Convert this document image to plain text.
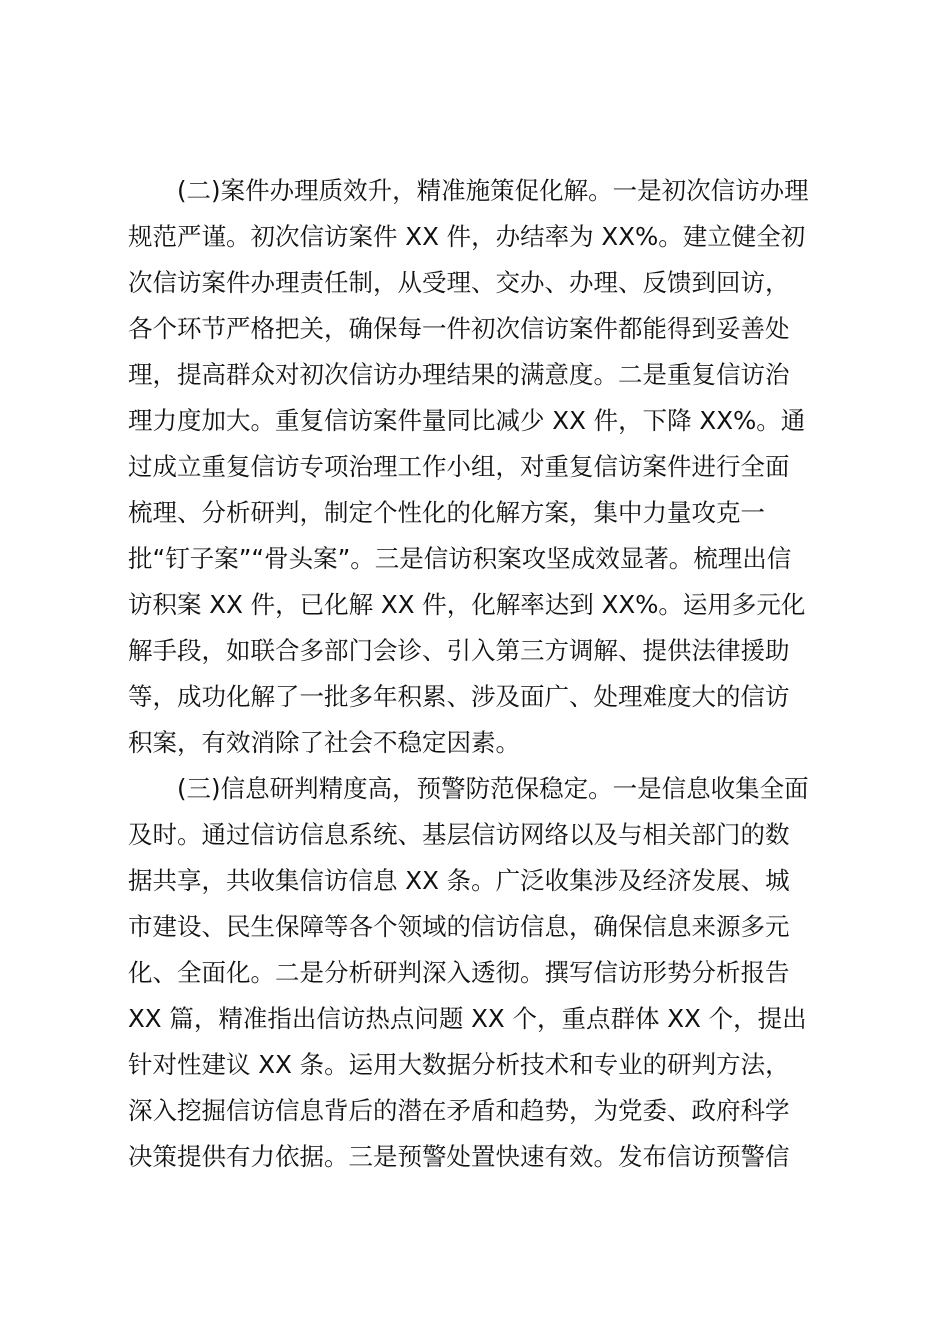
(二)案件办理质效升，精准施策促化解。一是初次信访办理
规范严谨。初次信访案件 XX 件，办结率为 XX%。建立健全初
次信访案件办理责任制，从受理、交办、办理、反馈到回访，
各个环节严格把关，确保每一件初次信访案件都能得到妥善处
理，提高群众对初次信访办理结果的满意度。二是重复信访治
理力度加大。重复信访案件量同比减少 XX 件，下降 XX%。通
过成立重复信访专项治理工作小组，对重复信访案件进行全面
梳理、分析研判，制定个性化的化解方案，集中力量攻克一
批“钉子案”“骨头案”。三是信访积案攻坚成效显著。梳理出信
访积案 XX 件，已化解 XX 件，化解率达到 XX%。运用多元化
解手段，如联合多部门会诊、引入第三方调解、提供法律援助
等，成功化解了一批多年积累、涉及面广、处理难度大的信访
积案，有效消除了社会不稳定因素。
(三)信息研判精度高，预警防范保稳定。一是信息收集全面
及时。通过信访信息系统、基层信访网络以及与相关部门的数
据共享，共收集信访信息 XX 条。广泛收集涉及经济发展、城
市建设、民生保障等各个领域的信访信息，确保信息来源多元
化、全面化。二是分析研判深入透彻。撰写信访形势分析报告
XX 篇，精准指出信访热点问题 XX 个，重点群体 XX 个，提出
针对性建议 XX 条。运用大数据分析技术和专业的研判方法，
深入挖掘信访信息背后的潜在矛盾和趋势，为党委、政府科学
决策提供有力依据。三是预警处置快速有效。发布信访预警信
